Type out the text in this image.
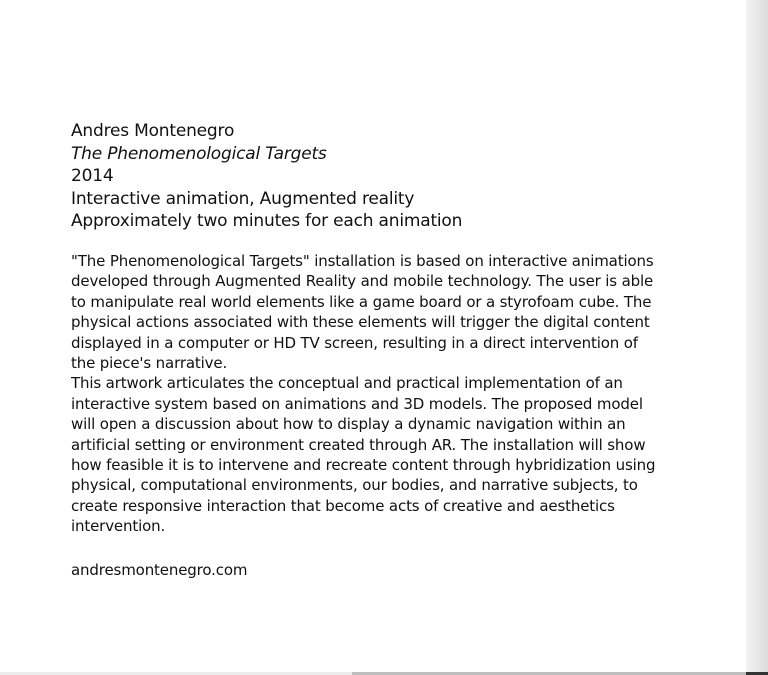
Andres Montenegro
The Phenomenological Targets
2014
Interactive animation, Augmented reality
Approximately two minutes for each animation

"The Phenomenological Targets" installation is based on interactive animations developed through Augmented Reality and mobile technology. The user is able to manipulate real world elements like a game board or a styrofoam cube. The physical actions associated with these elements will trigger the digital content displayed in a computer or HD TV screen, resulting in a direct intervention of the piece's narrative.

This artwork articulates the conceptual and practical implementation of an interactive system based on animations and 3D models. The proposed model will open a discussion about how to display a dynamic navigation within an artificial setting or environment created through AR. The installation will show how feasible it is to intervene and recreate content through hybridization using physical, computational environments, our bodies, and narrative subjects, to create responsive interaction that become acts of creative and aesthetics intervention.

andresmontenegro.com
